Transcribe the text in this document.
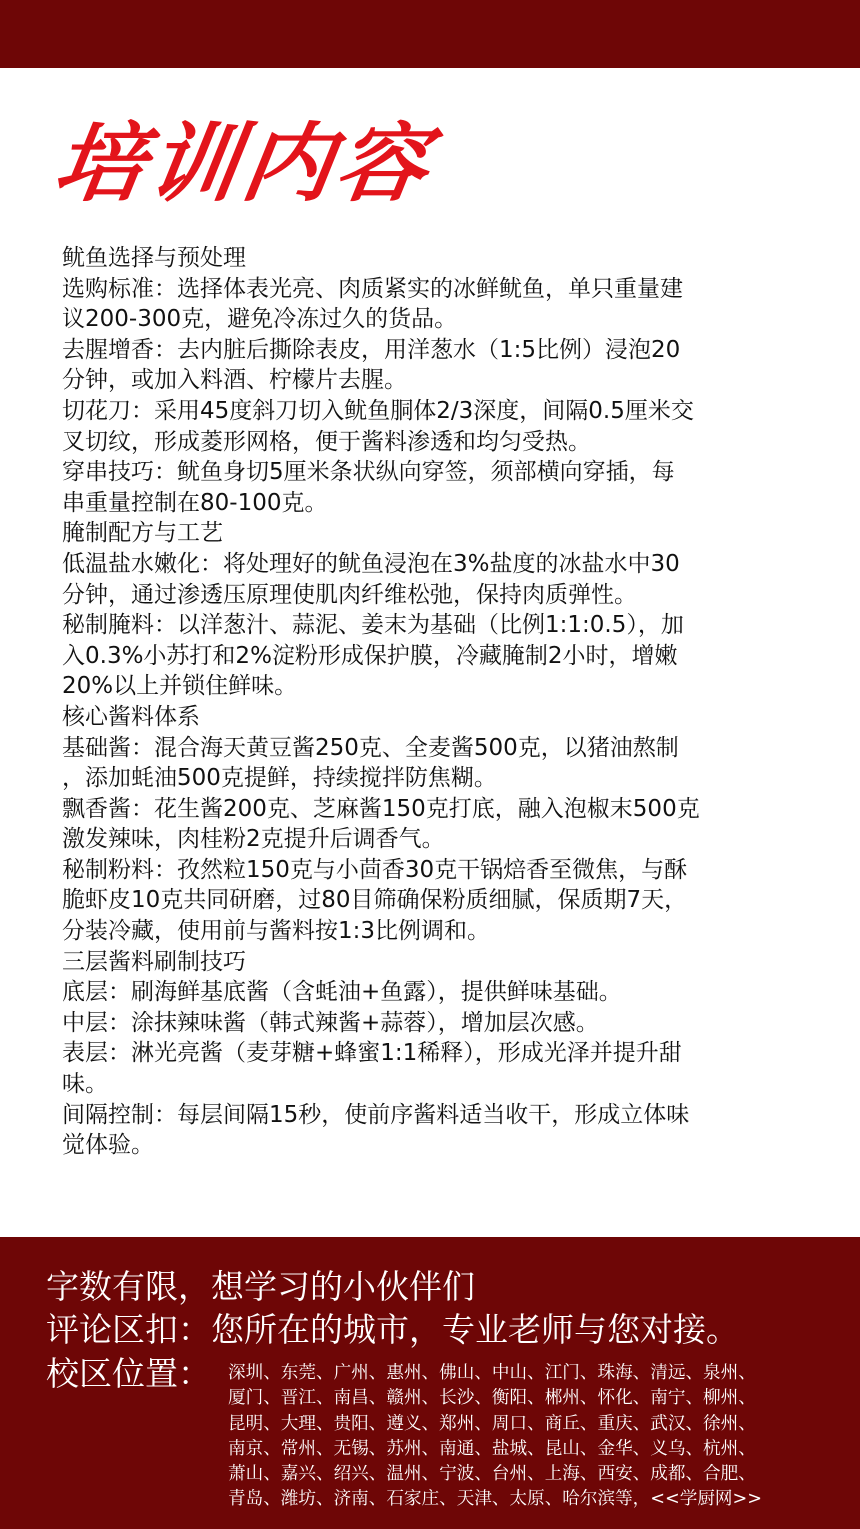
培训内容
鱿鱼选择与预处理
选购标准：选择体表光亮、肉质紧实的冰鲜鱿鱼，单只重量建
议200-300克，避免冷冻过久的货品。
去腥增香：去内脏后撕除表皮，用洋葱水（1:5比例）浸泡20
分钟，或加入料酒、柠檬片去腥。
切花刀：采用45度斜刀切入鱿鱼胴体2/3深度，间隔0.5厘米交
叉切纹，形成菱形网格，便于酱料渗透和均匀受热。
穿串技巧：鱿鱼身切5厘米条状纵向穿签，须部横向穿插，每
串重量控制在80-100克。
腌制配方与工艺
低温盐水嫩化：将处理好的鱿鱼浸泡在3%盐度的冰盐水中30
分钟，通过渗透压原理使肌肉纤维松弛，保持肉质弹性。
秘制腌料：以洋葱汁、蒜泥、姜末为基础（比例1:1:0.5），加
入0.3%小苏打和2%淀粉形成保护膜，冷藏腌制2小时，增嫩
20%以上并锁住鲜味。
核心酱料体系
基础酱：混合海天黄豆酱250克、全麦酱500克，以猪油熬制
，添加蚝油500克提鲜，持续搅拌防焦糊。
飘香酱：花生酱200克、芝麻酱150克打底，融入泡椒末500克
激发辣味，肉桂粉2克提升后调香气。
秘制粉料：孜然粒150克与小茴香30克干锅焙香至微焦，与酥
脆虾皮10克共同研磨，过80目筛确保粉质细腻，保质期7天，
分装冷藏，使用前与酱料按1:3比例调和。
三层酱料刷制技巧
底层：刷海鲜基底酱（含蚝油+鱼露），提供鲜味基础。
中层：涂抹辣味酱（韩式辣酱+蒜蓉），增加层次感。
表层：淋光亮酱（麦芽糖+蜂蜜1:1稀释），形成光泽并提升甜
味。
间隔控制：每层间隔15秒，使前序酱料适当收干，形成立体味
觉体验。
字数有限，想学习的小伙伴们
评论区扣：您所在的城市，专业老师与您对接。
校区位置： 深圳、东莞、广州、惠州、佛山、中山、江门、珠海、清远、泉州、
厦门、晋江、南昌、赣州、长沙、衡阳、郴州、怀化、南宁、柳州、
昆明、大理、贵阳、遵义、郑州、周口、商丘、重庆、武汉、徐州、
南京、常州、无锡、苏州、南通、盐城、昆山、金华、义乌、杭州、
萧山、嘉兴、绍兴、温州、宁波、台州、上海、西安、成都、合肥、
青岛、潍坊、济南、石家庄、天津、太原、哈尔滨等，<<学厨网>>
